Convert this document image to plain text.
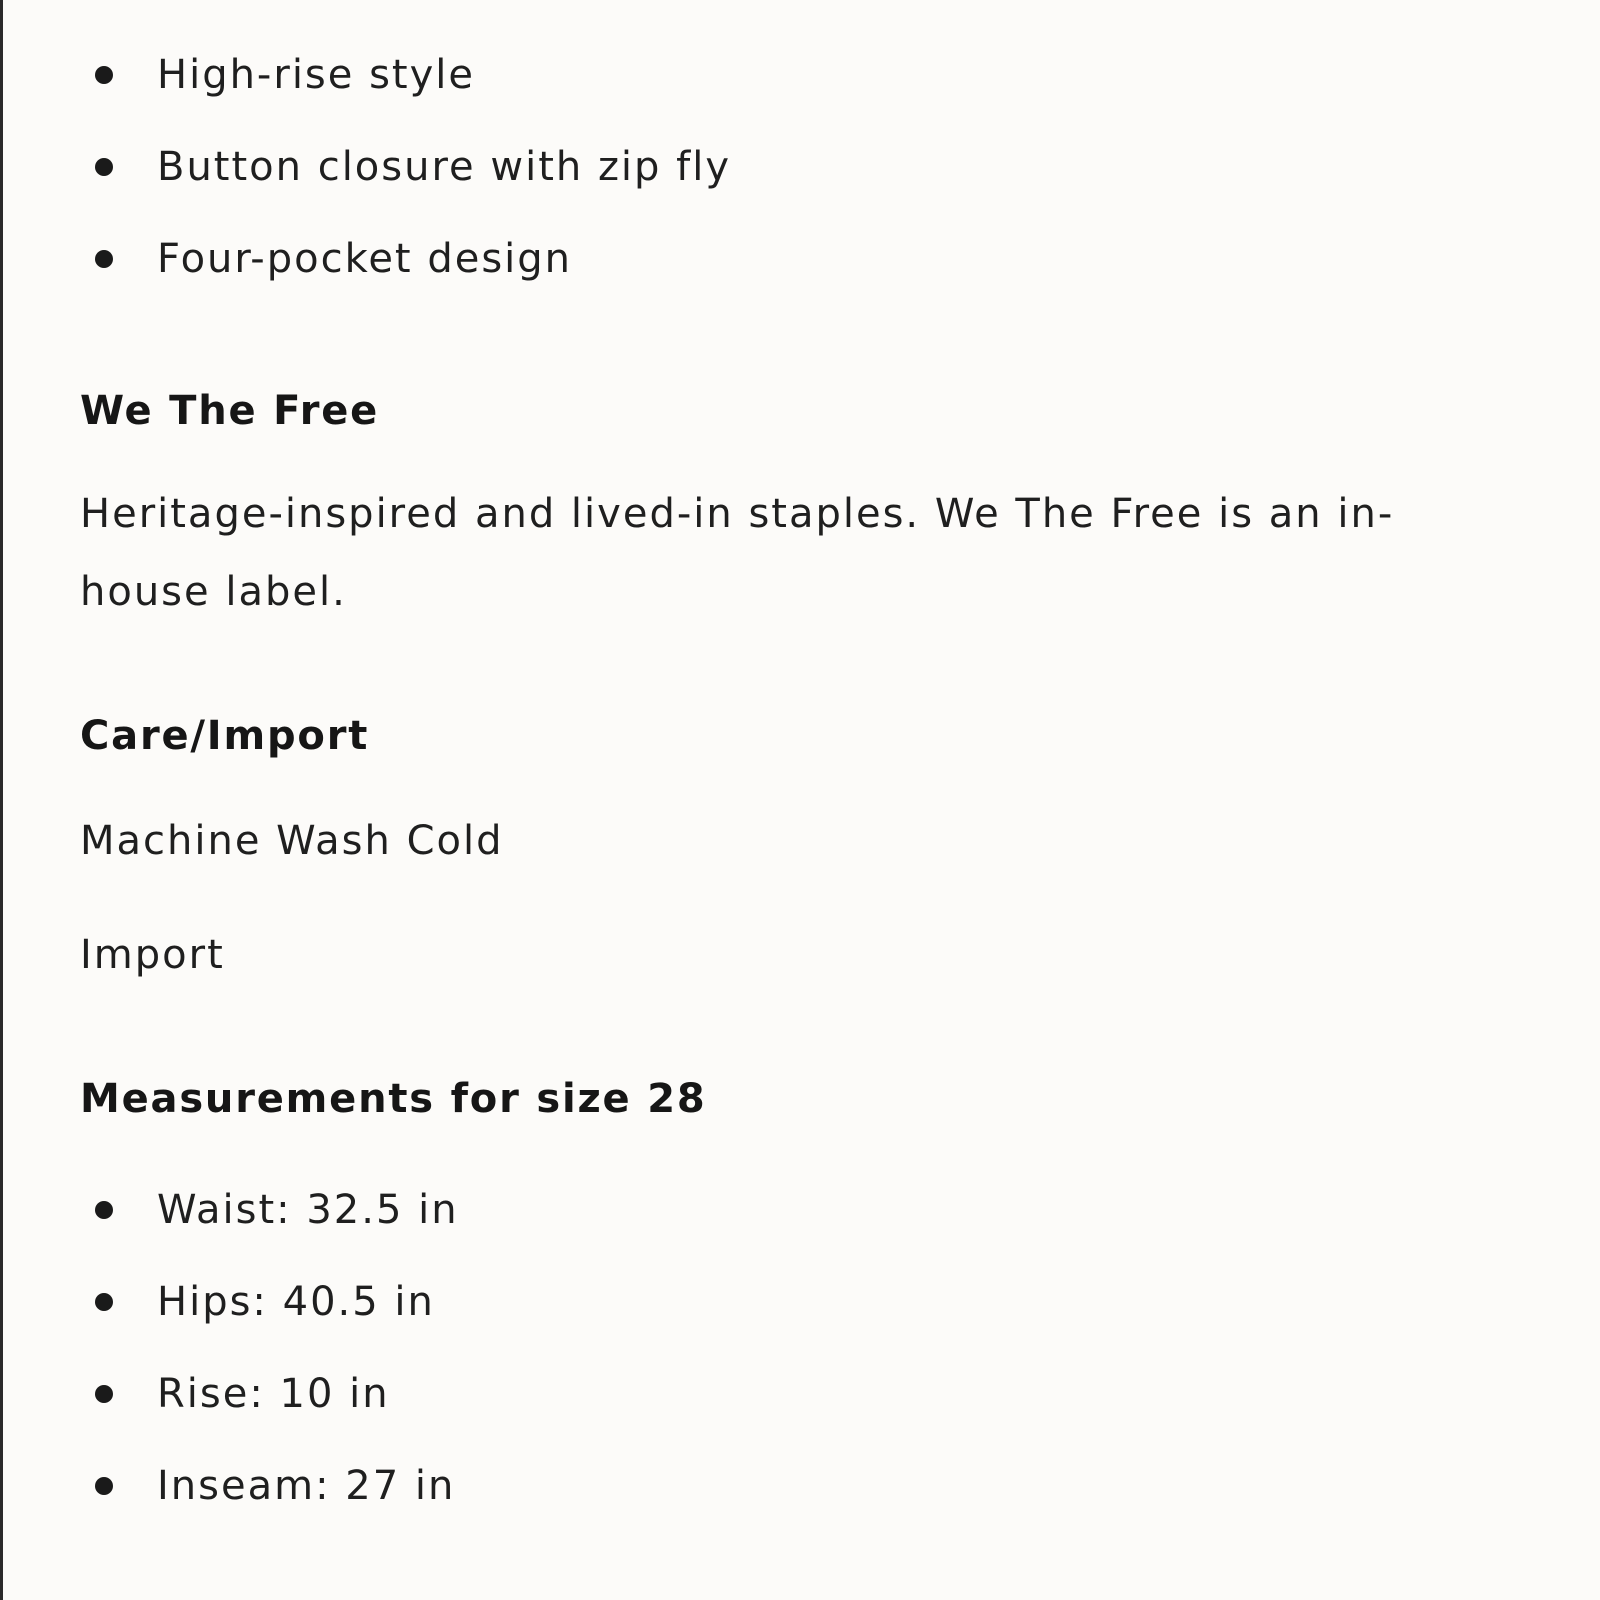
High-rise style
Button closure with zip fly
Four-pocket design
We The Free

Heritage-inspired and lived-in staples. We The Free is an in-
house label.

Care/Import

Machine Wash Cold

Import

Measurements for size 28
Waist: 32.5 in
Hips: 40.5 in
Rise: 10 in
Inseam: 27 in
